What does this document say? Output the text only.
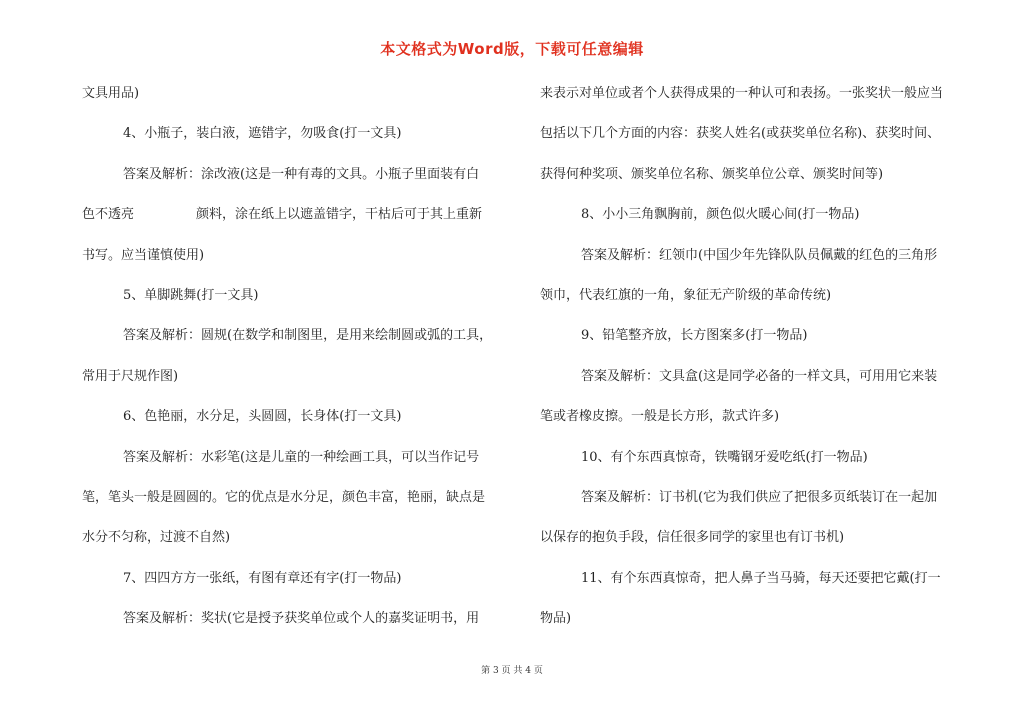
本文格式为Word版，下载可任意编辑
文具用品)
4、小瓶子，装白液，遮错字，勿吸食(打一文具)
答案及解析：涂改液(这是一种有毒的文具。小瓶子里面装有白
色不透亮               颜料，涂在纸上以遮盖错字，干枯后可于其上重新
书写。应当谨慎使用)
5、单脚跳舞(打一文具)
答案及解析：圆规(在数学和制图里，是用来绘制圆或弧的工具，
常用于尺规作图)
6、色艳丽，水分足，头圆圆，长身体(打一文具)
答案及解析：水彩笔(这是儿童的一种绘画工具，可以当作记号
笔，笔头一般是圆圆的。它的优点是水分足，颜色丰富，艳丽，缺点是
水分不匀称，过渡不自然)
7、四四方方一张纸，有图有章还有字(打一物品)
答案及解析：奖状(它是授予获奖单位或个人的嘉奖证明书，用
来表示对单位或者个人获得成果的一种认可和表扬。一张奖状一般应当
包括以下几个方面的内容：获奖人姓名(或获奖单位名称)、获奖时间、
获得何种奖项、颁奖单位名称、颁奖单位公章、颁奖时间等)
8、小小三角飘胸前，颜色似火暖心间(打一物品)
答案及解析：红领巾(中国少年先锋队队员佩戴的红色的三角形
领巾，代表红旗的一角，象征无产阶级的革命传统)
9、铅笔整齐放，长方图案多(打一物品)
答案及解析：文具盒(这是同学必备的一样文具，可用用它来装
笔或者橡皮擦。一般是长方形，款式许多)
10、有个东西真惊奇，铁嘴钢牙爱吃纸(打一物品)
答案及解析：订书机(它为我们供应了把很多页纸装订在一起加
以保存的抱负手段，信任很多同学的家里也有订书机)
11、有个东西真惊奇，把人鼻子当马骑，每天还要把它戴(打一
物品)
第 3 页 共 4 页
